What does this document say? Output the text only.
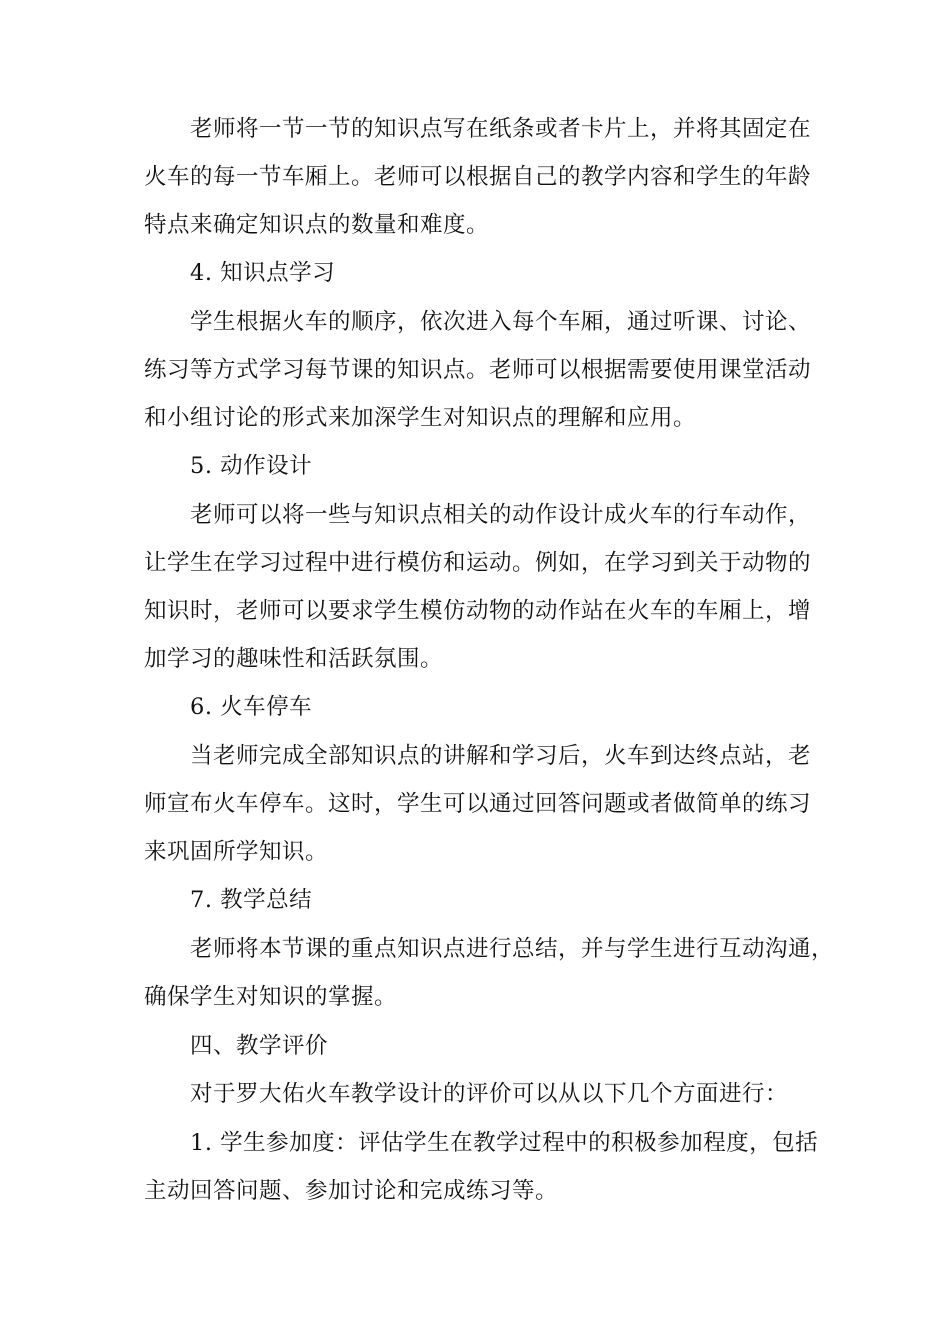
老师将一节一节的知识点写在纸条或者卡片上，并将其固定在
火车的每一节车厢上。老师可以根据自己的教学内容和学生的年龄
特点来确定知识点的数量和难度。
4. 知识点学习
学生根据火车的顺序，依次进入每个车厢，通过听课、讨论、
练习等方式学习每节课的知识点。老师可以根据需要使用课堂活动
和小组讨论的形式来加深学生对知识点的理解和应用。
5. 动作设计
老师可以将一些与知识点相关的动作设计成火车的行车动作，
让学生在学习过程中进行模仿和运动。例如，在学习到关于动物的
知识时，老师可以要求学生模仿动物的动作站在火车的车厢上，增
加学习的趣味性和活跃氛围。
6. 火车停车
当老师完成全部知识点的讲解和学习后，火车到达终点站，老
师宣布火车停车。这时，学生可以通过回答问题或者做简单的练习
来巩固所学知识。
7. 教学总结
老师将本节课的重点知识点进行总结，并与学生进行互动沟通，
确保学生对知识的掌握。
四、教学评价
对于罗大佑火车教学设计的评价可以从以下几个方面进行：
1. 学生参加度：评估学生在教学过程中的积极参加程度，包括
主动回答问题、参加讨论和完成练习等。
